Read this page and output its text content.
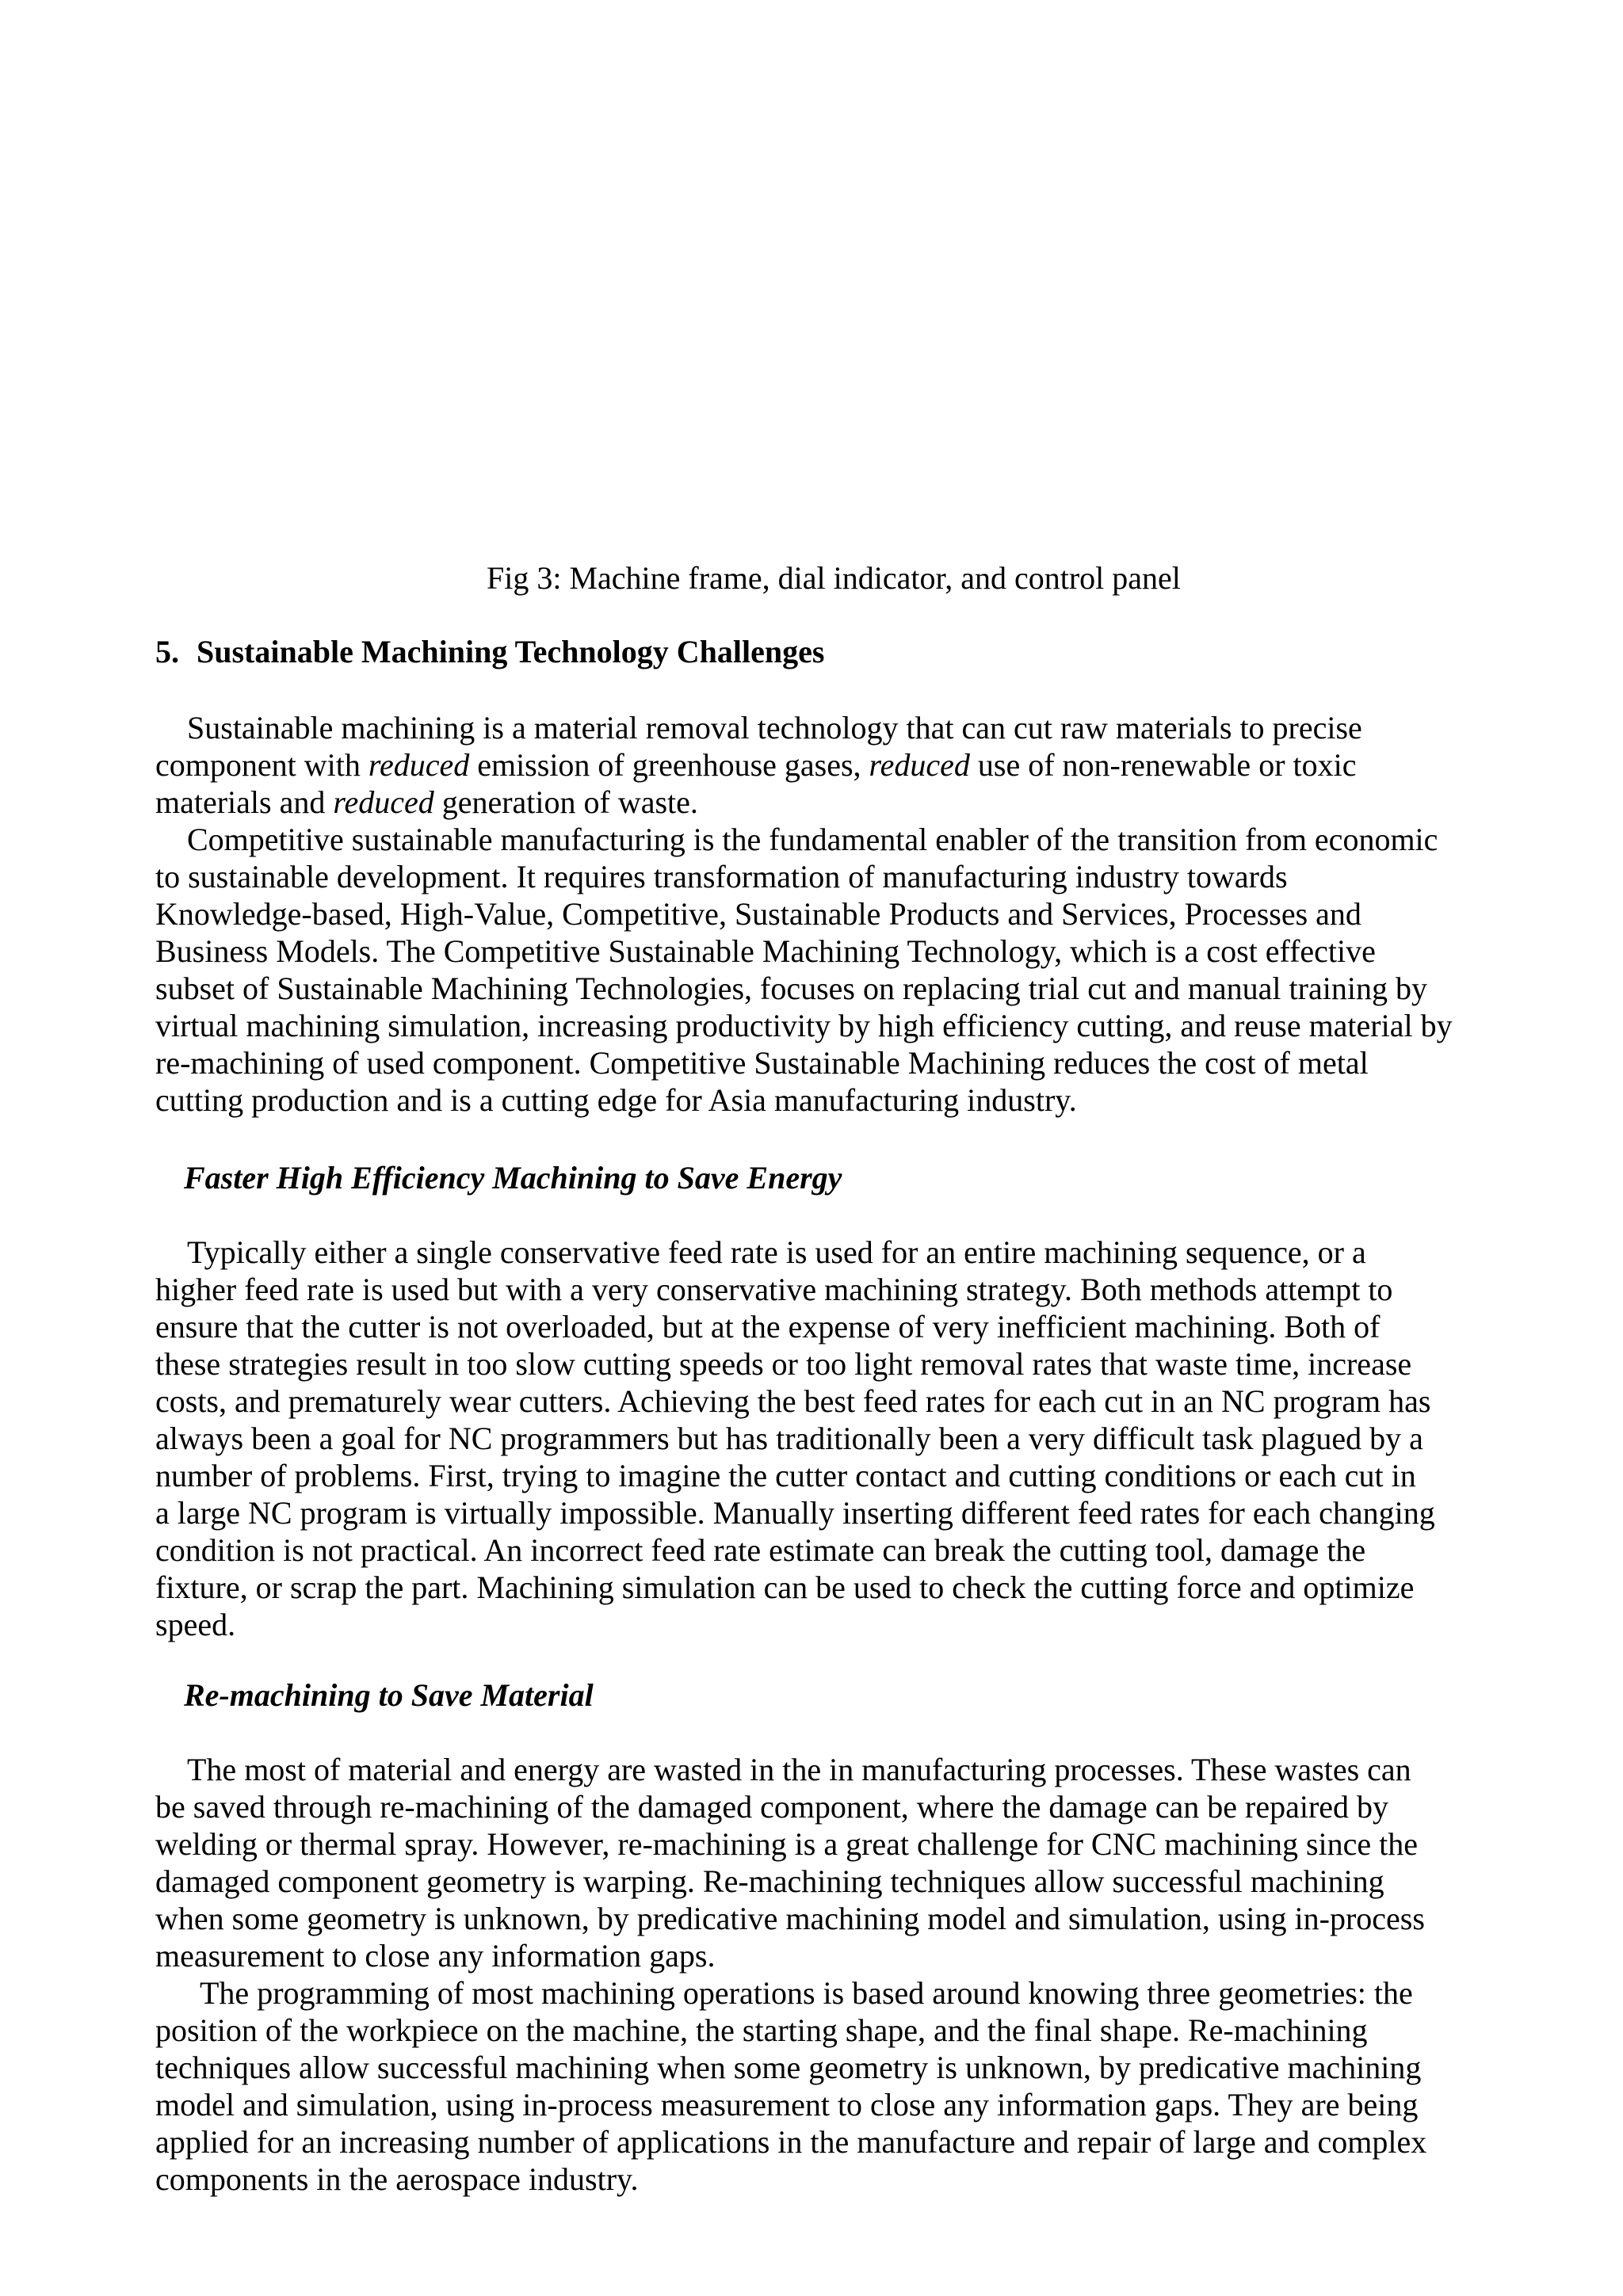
Fig 3: Machine frame, dial indicator, and control panel
5. Sustainable Machining Technology Challenges
Sustainable machining is a material removal technology that can cut raw materials to precise
component with reduced emission of greenhouse gases, reduced use of non-renewable or toxic
materials and reduced generation of waste.
Competitive sustainable manufacturing is the fundamental enabler of the transition from economic
to sustainable development. It requires transformation of manufacturing industry towards
Knowledge-based, High-Value, Competitive, Sustainable Products and Services, Processes and
Business Models. The Competitive Sustainable Machining Technology, which is a cost effective
subset of Sustainable Machining Technologies, focuses on replacing trial cut and manual training by
virtual machining simulation, increasing productivity by high efficiency cutting, and reuse material by
re-machining of used component. Competitive Sustainable Machining reduces the cost of metal
cutting production and is a cutting edge for Asia manufacturing industry.
Faster High Efficiency Machining to Save Energy
Typically either a single conservative feed rate is used for an entire machining sequence, or a
higher feed rate is used but with a very conservative machining strategy. Both methods attempt to
ensure that the cutter is not overloaded, but at the expense of very inefficient machining. Both of
these strategies result in too slow cutting speeds or too light removal rates that waste time, increase
costs, and prematurely wear cutters. Achieving the best feed rates for each cut in an NC program has
always been a goal for NC programmers but has traditionally been a very difficult task plagued by a
number of problems. First, trying to imagine the cutter contact and cutting conditions or each cut in
a large NC program is virtually impossible. Manually inserting different feed rates for each changing
condition is not practical. An incorrect feed rate estimate can break the cutting tool, damage the
fixture, or scrap the part. Machining simulation can be used to check the cutting force and optimize
speed.
Re-machining to Save Material
The most of material and energy are wasted in the in manufacturing processes. These wastes can
be saved through re-machining of the damaged component, where the damage can be repaired by
welding or thermal spray. However, re-machining is a great challenge for CNC machining since the
damaged component geometry is warping. Re-machining techniques allow successful machining
when some geometry is unknown, by predicative machining model and simulation, using in-process
measurement to close any information gaps.
The programming of most machining operations is based around knowing three geometries: the
position of the workpiece on the machine, the starting shape, and the final shape. Re-machining
techniques allow successful machining when some geometry is unknown, by predicative machining
model and simulation, using in-process measurement to close any information gaps. They are being
applied for an increasing number of applications in the manufacture and repair of large and complex
components in the aerospace industry.
